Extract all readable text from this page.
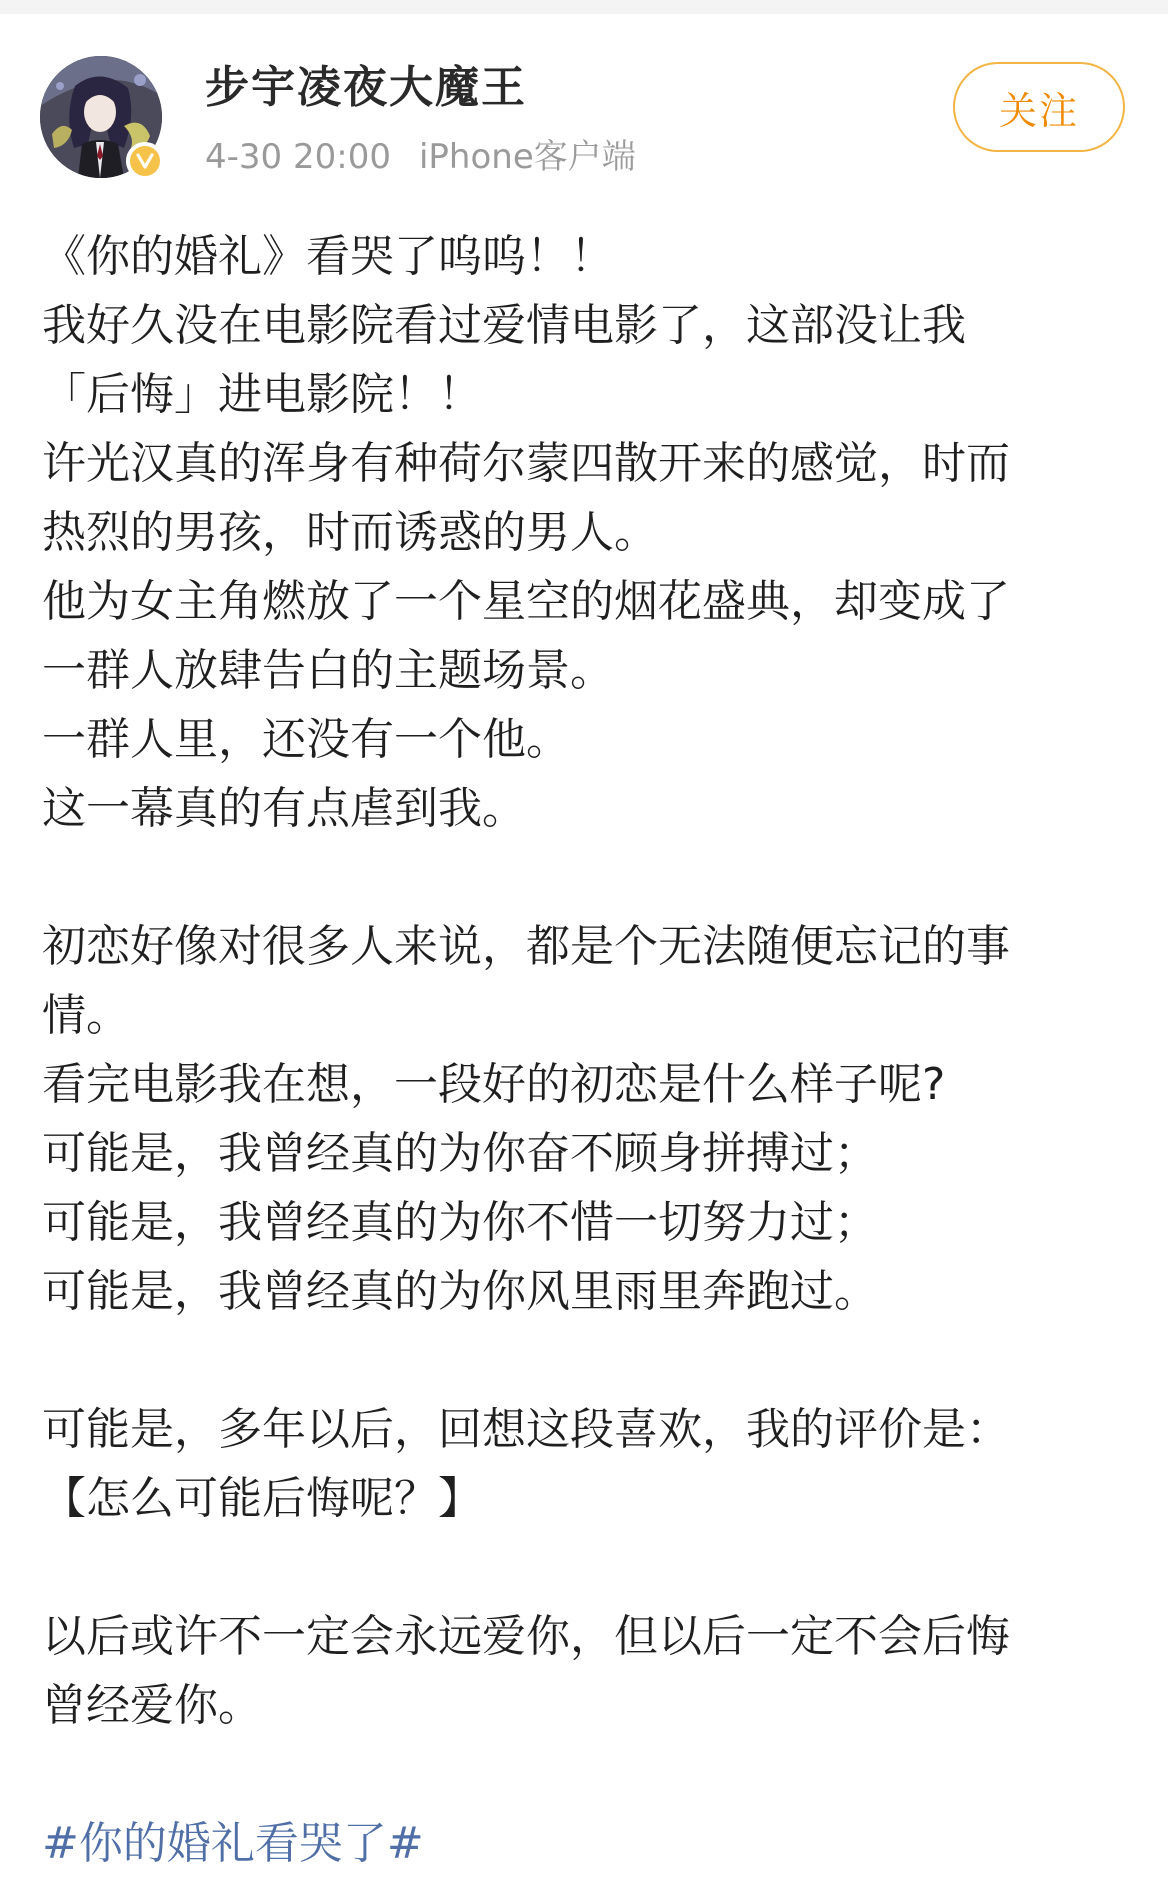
步宇凌夜大魔王
4-30 20:00 iPhone客户端
关注
《你的婚礼》看哭了呜呜！！
我好久没在电影院看过爱情电影了，这部没让我
「后悔」进电影院！！
许光汉真的浑身有种荷尔蒙四散开来的感觉，时而
热烈的男孩，时而诱惑的男人。
他为女主角燃放了一个星空的烟花盛典，却变成了
一群人放肆告白的主题场景。
一群人里，还没有一个他。
这一幕真的有点虐到我。
初恋好像对很多人来说，都是个无法随便忘记的事
情。
看完电影我在想，一段好的初恋是什么样子呢?
可能是，我曾经真的为你奋不顾身拼搏过；
可能是，我曾经真的为你不惜一切努力过；
可能是，我曾经真的为你风里雨里奔跑过。
可能是，多年以后，回想这段喜欢，我的评价是：
【怎么可能后悔呢？】
以后或许不一定会永远爱你，但以后一定不会后悔
曾经爱你。
#你的婚礼看哭了#
